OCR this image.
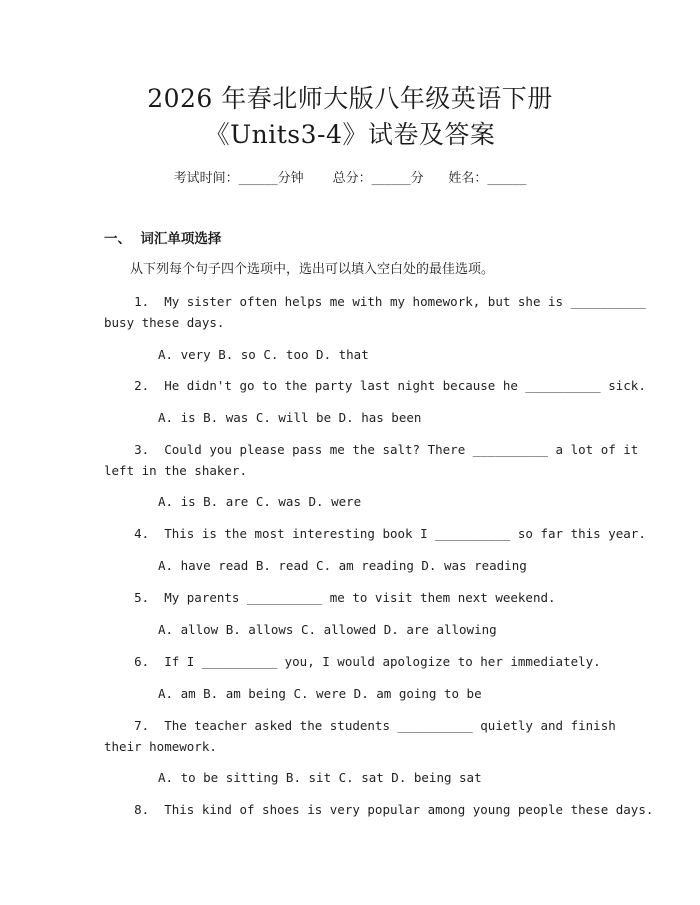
2026 年春北师大版八年级英语下册
《Units3-4》试卷及答案
考试时间：______分钟 总分：______分 姓名：______
一、  词汇单项选择
从下列每个句子四个选项中，选出可以填入空白处的最佳选项。
1.  My sister often helps me with my homework, but she is __________
busy these days.
A. very B. so C. too D. that
2.  He didn't go to the party last night because he __________ sick.
A. is B. was C. will be D. has been
3.  Could you please pass me the salt? There __________ a lot of it
left in the shaker.
A. is B. are C. was D. were
4.  This is the most interesting book I __________ so far this year.
A. have read B. read C. am reading D. was reading
5.  My parents __________ me to visit them next weekend.
A. allow B. allows C. allowed D. are allowing
6.  If I __________ you, I would apologize to her immediately.
A. am B. am being C. were D. am going to be
7.  The teacher asked the students __________ quietly and finish
their homework.
A. to be sitting B. sit C. sat D. being sat
8.  This kind of shoes is very popular among young people these days.
